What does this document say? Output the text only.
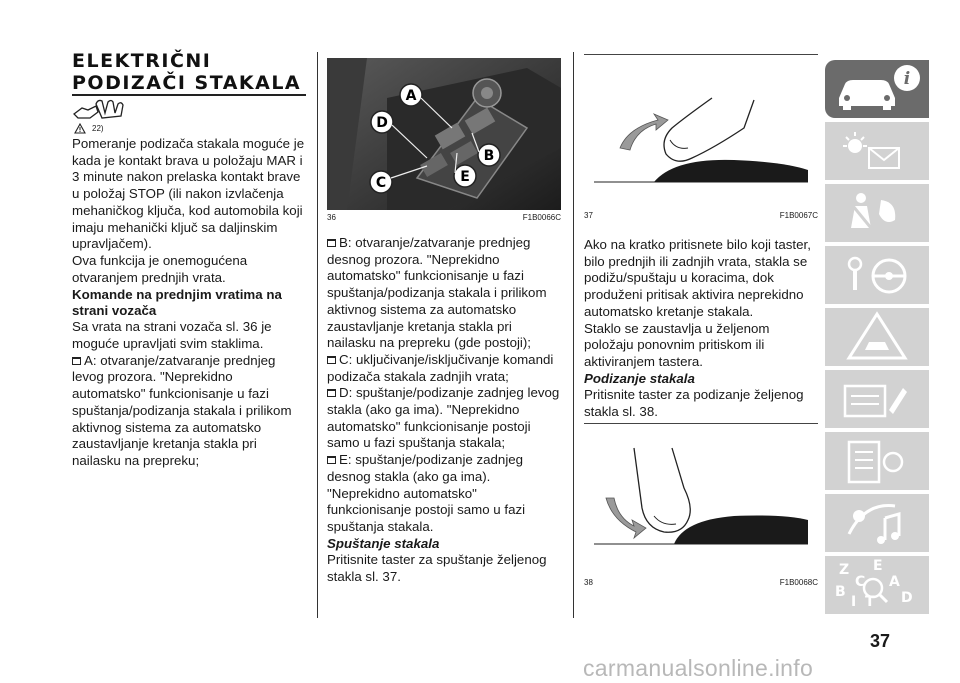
ELEKTRIČNI
PODIZAČI STAKALA
22)

Pomeranje podizača stakala moguće je kada je kontakt brava u položaju MAR i 3 minute nakon prelaska kontakt brave u položaj STOP (ili nakon izvlačenja mehaničkog ključa, kod automobila koji imaju mehanički ključ sa daljinskim upravljačem).

Ova funkcija je onemogućena otvaranjem prednjih vrata.

Komande na prednjim vratima na strani vozača

Sa vrata na strani vozača sl. 36 je moguće upravljati svim staklima.

A: otvaranje/zatvaranje prednjeg levog prozora. "Neprekidno automatsko" funkcionisanje u fazi spuštanja/podizanja stakala i prilikom aktivnog sistema za automatsko zaustavljanje kretanja stakla pri nailasku na prepreku;

A
D
B
C	E
36	F1B0066C

B: otvaranje/zatvaranje prednjeg desnog prozora. "Neprekidno automatsko" funkcionisanje u fazi spuštanja/podizanja stakala i prilikom aktivnog sistema za automatsko zaustavljanje kretanja stakla pri nailasku na prepreku (gde postoji);

C: uključivanje/isključivanje komandi podizača stakala zadnjih vrata;

D: spuštanje/podizanje zadnjeg levog stakla (ako ga ima). "Neprekidno automatsko" funkcionisanje postoji samo u fazi spuštanja stakala;

E: spuštanje/podizanje zadnjeg desnog stakla (ako ga ima). "Neprekidno automatsko" funkcionisanje postoji samo u fazi spuštanja stakala.

Spuštanje stakala

Pritisnite taster za spuštanje željenog stakla sl. 37.

37	F1B0067C

Ako na kratko pritisnete bilo koji taster, bilo prednjih ili zadnjih vrata, stakla se podižu/spuštaju u koracima, dok produženi pritisak aktivira neprekidno automatsko kretanje stakala.

Staklo se zaustavlja u željenom položaju ponovnim pritiskom ili aktiviranjem tastera.

Podizanje stakala

Pritisnite taster za podizanje željenog stakla sl. 38.

38	F1B0068C
i
Z E
B
A
C
D
I T
37
carmanualsonline.info
